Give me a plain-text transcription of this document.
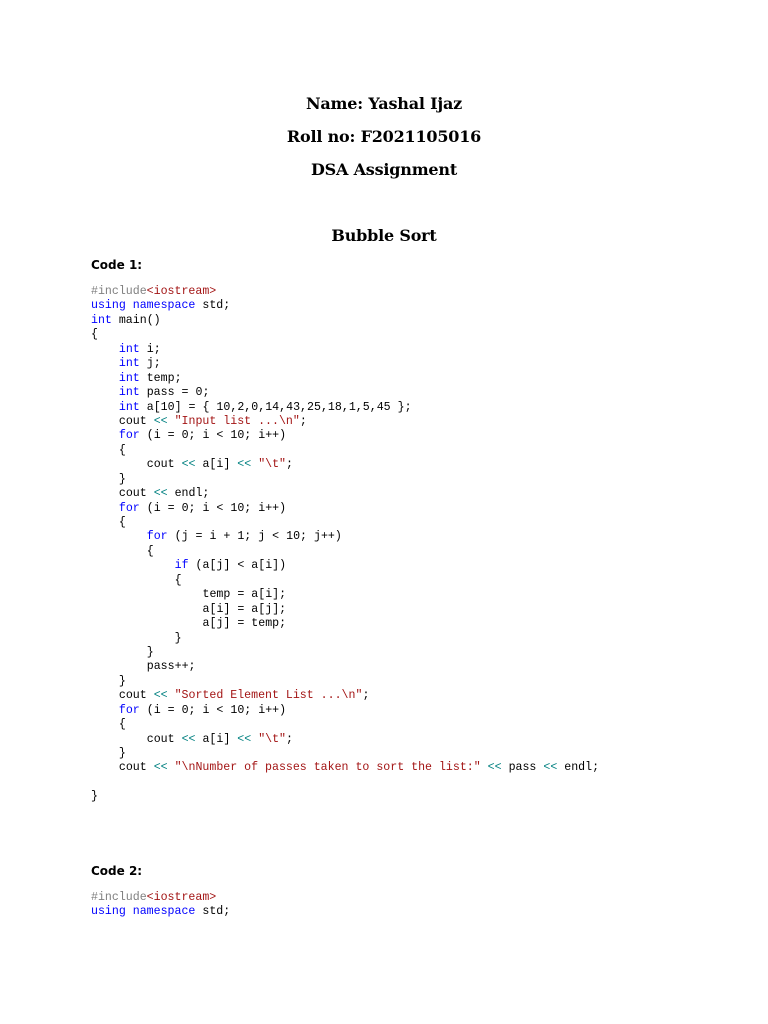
Name: Yashal Ijaz
Roll no: F2021105016
DSA Assignment
Bubble Sort
Code 1:
#include<iostream>
using namespace std;
int main()
{
int i;
int j;
int temp;
int pass = 0;
int a[10] = { 10,2,0,14,43,25,18,1,5,45 };
cout << "Input list ...\n";
for (i = 0; i < 10; i++)
{
cout << a[i] << "\t";
}
cout << endl;
for (i = 0; i < 10; i++)
{
for (j = i + 1; j < 10; j++)
{
if (a[j] < a[i])
{
temp = a[i];
a[i] = a[j];
a[j] = temp;
}
}
pass++;
}
cout << "Sorted Element List ...\n";
for (i = 0; i < 10; i++)
{
cout << a[i] << "\t";
}
cout << "\nNumber of passes taken to sort the list:" << pass << endl;

}
Code 2:
#include<iostream>
using namespace std;
